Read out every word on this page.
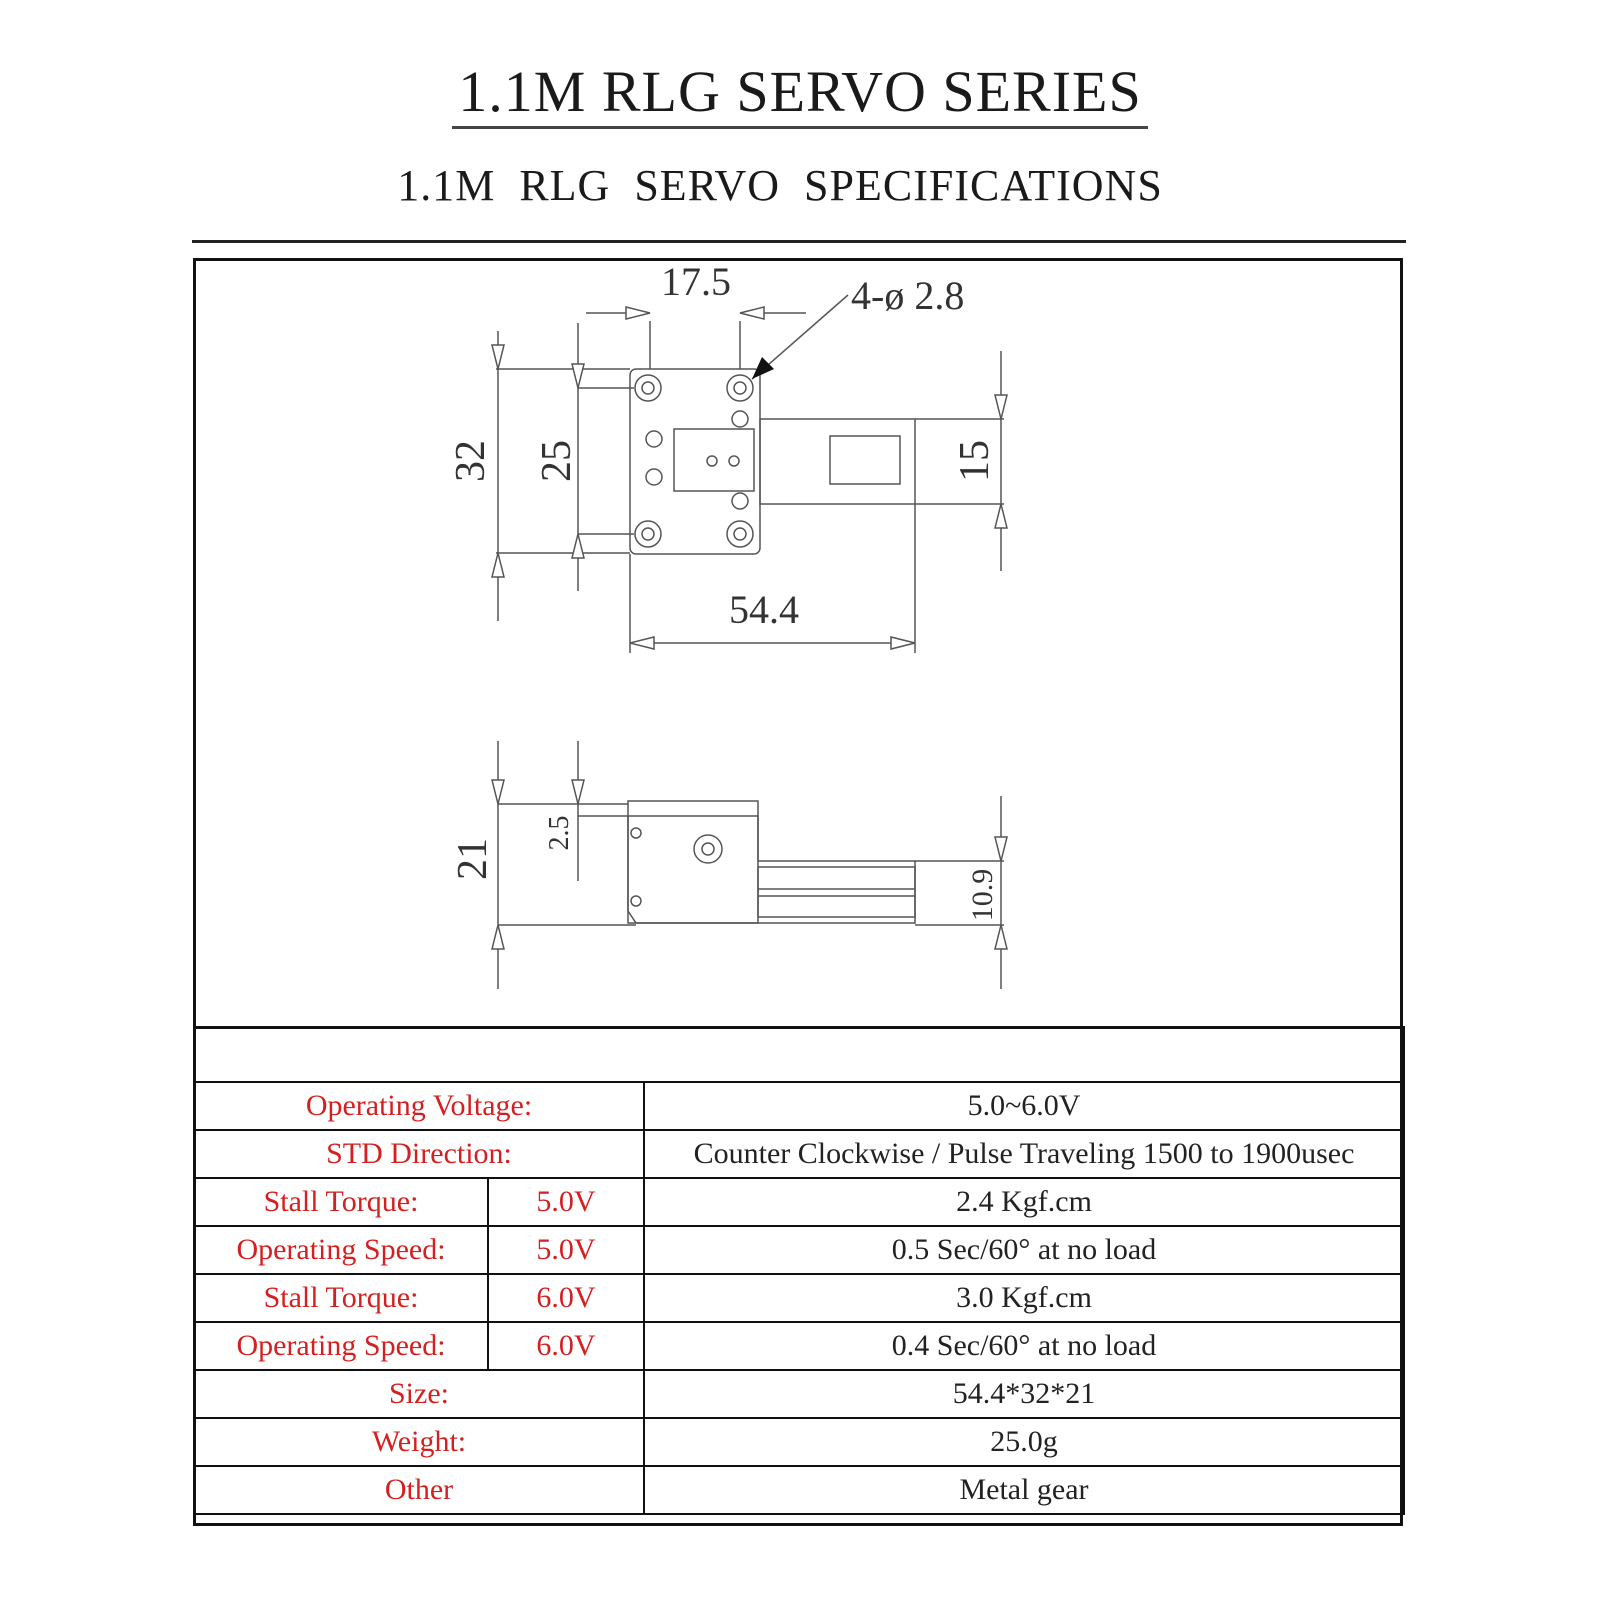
1.1M RLG SERVO SERIES
1.1M RLG SERVO SPECIFICATIONS
17.5	4-ø 2.8
32 25	15
54.4
21
2.5
10.9

Operating Voltage:		5.0~6.0V
STD Direction:		Counter Clockwise / Pulse Traveling 1500 to 1900usec
Stall Torque:	5.0V	2.4 Kgf.cm
Operating Speed:	5.0V	0.5 Sec/60° at no load
Stall Torque:	6.0V	3.0 Kgf.cm
Operating Speed:	6.0V	0.4 Sec/60° at no load
Size:		54.4*32*21
Weight:		25.0g
Other		Metal gear
